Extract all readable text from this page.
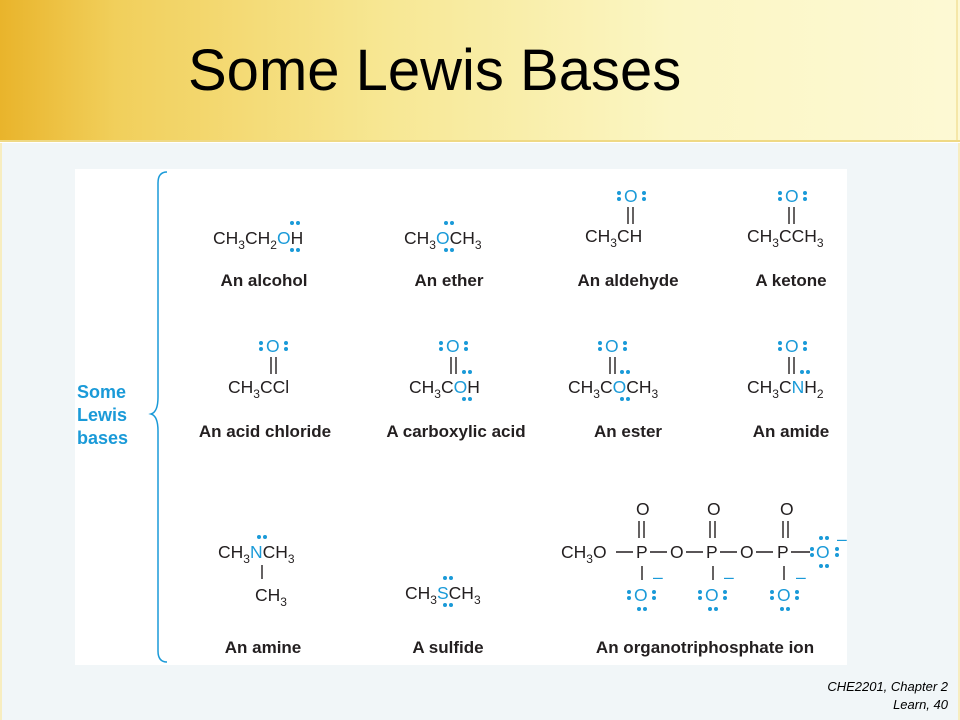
Some Lewis Bases
$CH_3CH_2OH$	$CH_3OCH_3$
O
$CH_3CH$
O
$CH_3CCH_3$
O
$CH_3CCl$
O
$CH_3COH$
O
$CH_3COCH_3$
O
$CH_3CNH_2$
$CH_3NCH_3$
$CH_3$	$CH_3SCH_3$
$CH_3O$ P O P O P O
–
O	O	O
O
–
O
–
O
–
Some
Lewis
bases
An alcohol	An ether	An aldehyde	A ketone
An acid chloride	A carboxylic acid	An ester	An amide
An amine	A sulfide	An organotriphosphate ion
CHE2201, Chapter 2
Learn, 40
